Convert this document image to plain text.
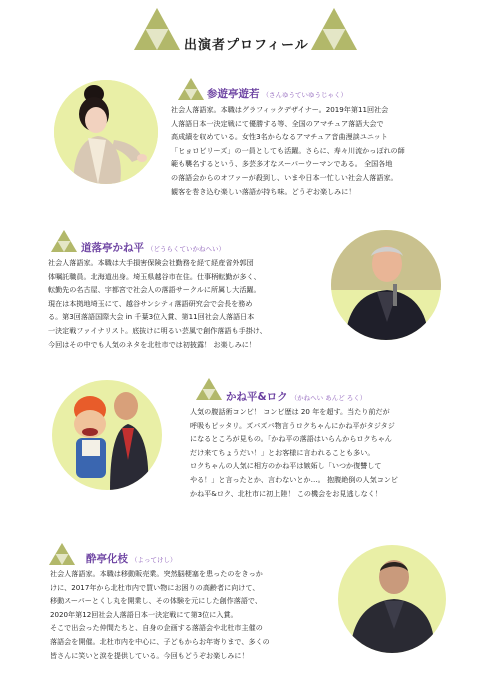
出演者プロフィール
参遊亭遊若 （さんゆうていゆうじゃく）

社会人落語家。本職はグラフィックデザイナー。2019年第11回社会

人落語日本一決定戦にて優勝する等、全国のアマチュア落語大会で

高成績を収めている。女性3名からなるアマチュア音曲漫談ユニット

「ヒョロビリーズ」の一員としても活躍。さらに、寿々川流かっぽれの師

範も襲名するという、多芸多才なスーパーウーマンである。 全国各地

の落語会からのオファーが殺到し、いまや日本一忙しい社会人落語家。

観客を巻き込む楽しい落語が持ち味。どうぞお楽しみに！

道落亭かね平 （どうらくていかねへい）

社会人落語家。本職は大手損害保険会社勤務を経て経産省外郭団

体嘱託職員。北海道出身。埼玉県越谷市在住。仕事柄転勤が多く、

転勤先の名古屋、宇都宮で社会人の落語サークルに所属し大活躍。

現在は本拠地埼玉にて、越谷サンシティ落語研究会で会長を務め

る。第3回落語国際大会 in 千葉3位入賞、第11回社会人落語日本

一決定戦ファイナリスト。底抜けに明るい芸風で創作落語も手掛け、

今回はその中でも人気のネタを北杜市では初披露！ お楽しみに！

かね平&ロク （かねへい あんど ろく）

人気の腹話術コンビ！ コンビ歴は 20 年を超す。当たり前だが

呼吸もピッタリ。ズバズバ物言うロクちゃんにかね平がタジタジ

になるところが見もの。「かね平の落語はいらんからロクちゃん

だけ来てちょうだい！」とお客様に言われることも多い。

ロクちゃんの人気に相方のかね平は嫉妬し「いつか復讐して

やる！」と言ったとか、言わないとか…。 抱腹絶倒の人気コンビ

かね平&ロク、北杜市に初上陸！ この機会をお見逃しなく！

酔亭化枝 （よってけし）

社会人落語家。本職は移動販売業。突然脳梗塞を患ったのをきっか

けに、2017年から北杜市内で買い物にお困りの高齢者に向けて、

移動スーパーとくし丸を開業し、その体験を元にした創作落語で、

2020年第12回社会人落語日本一決定戦にて第3位に入賞。

そこで出会った仲間たちと、自身の企画する落語会や北杜市主催の

落語会を開催。北杜市内を中心に、子どもからお年寄りまで、多くの

皆さんに笑いと涙を提供している。今回もどうぞお楽しみに！
